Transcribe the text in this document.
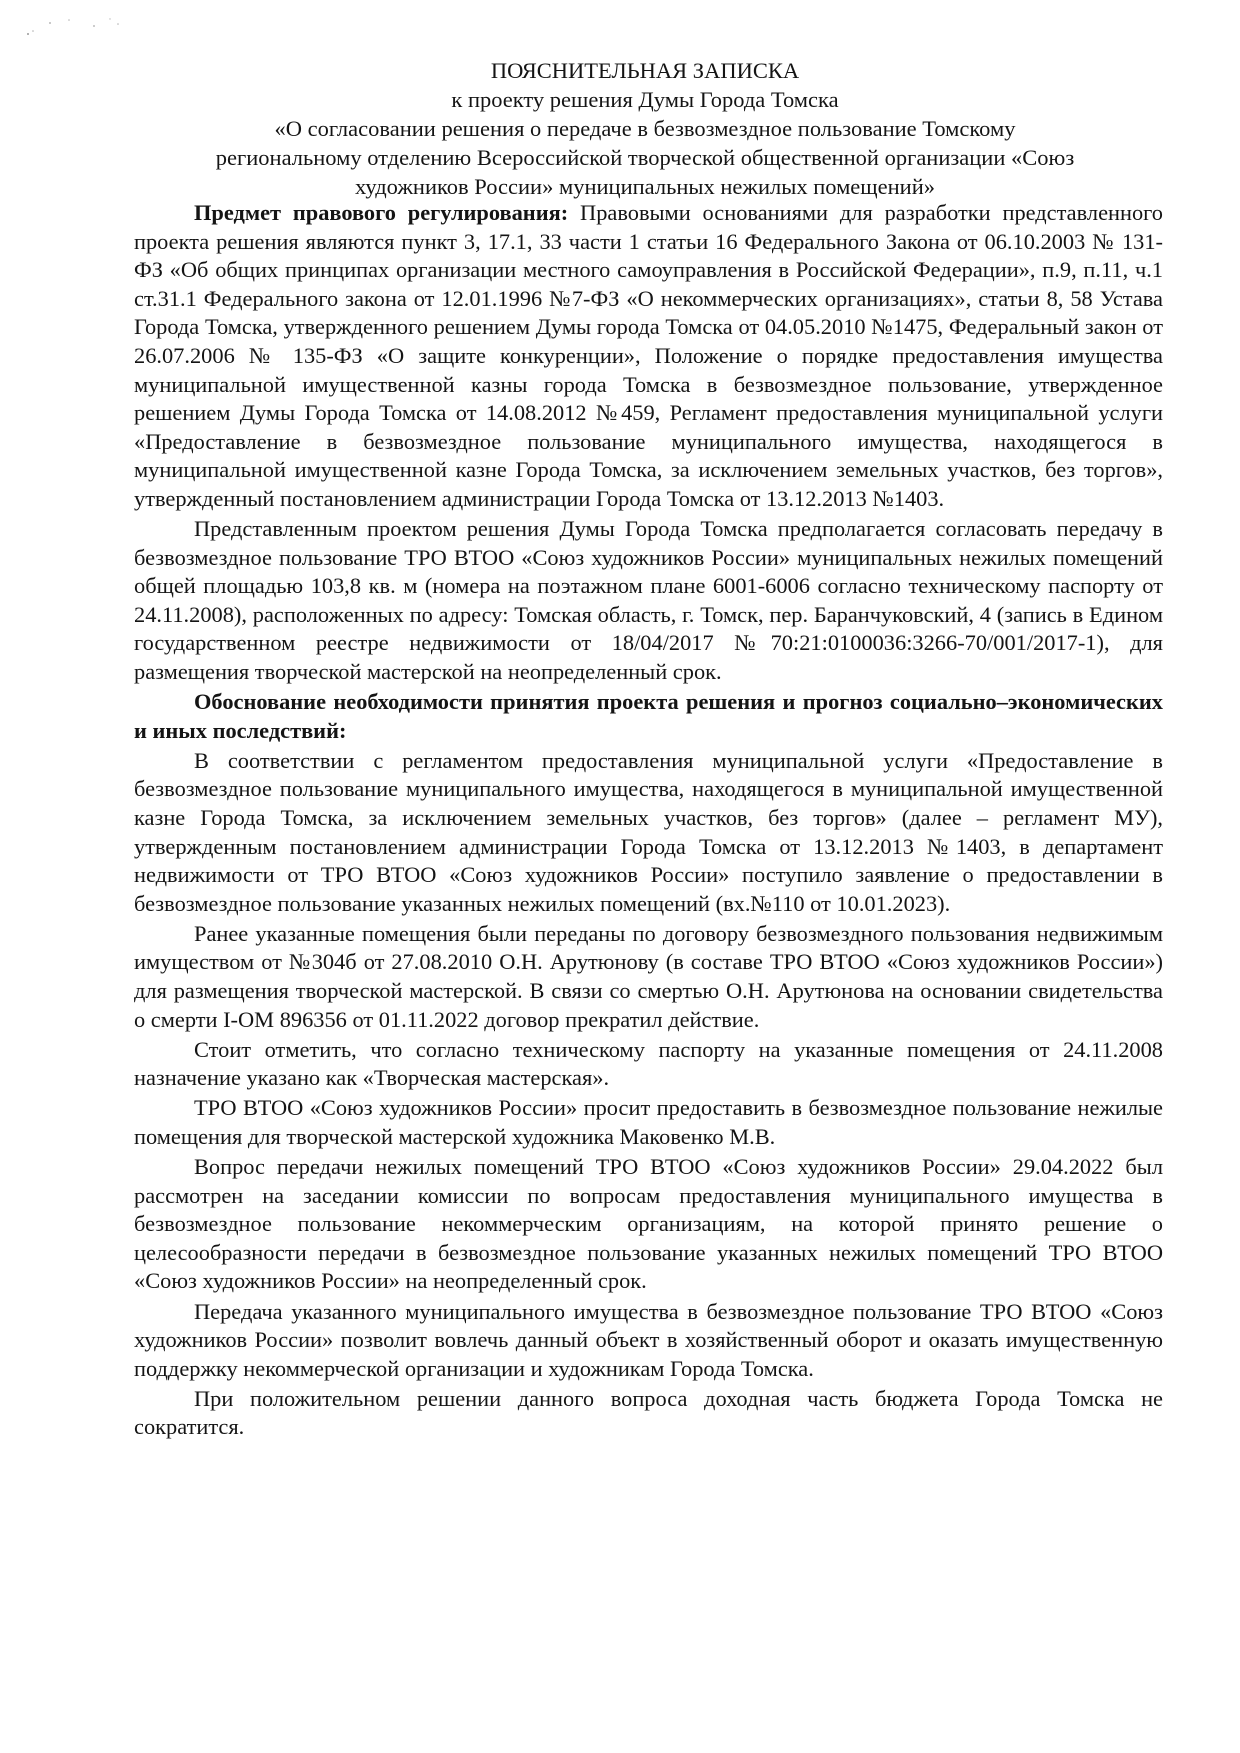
ПОЯСНИТЕЛЬНАЯ ЗАПИСКА
к проекту решения Думы Города Томска
«О согласовании решения о передаче в безвозмездное пользование Томскому
региональному отделению Всероссийской творческой общественной организации «Союз
художников России» муниципальных нежилых помещений»

Предмет правового регулирования: Правовыми основаниями для разработки представленного проекта решения являются пункт 3, 17.1, 33 части 1 статьи 16 Федерального Закона от 06.10.2003 № 131-ФЗ «Об общих принципах организации местного самоуправления в Российской Федерации», п.9, п.11, ч.1 ст.31.1 Федерального закона от 12.01.1996 №7-ФЗ «О некоммерческих организациях», статьи 8, 58 Устава Города Томска, утвержденного решением Думы города Томска от 04.05.2010 №1475, Федеральный закон от 26.07.2006 № 135-ФЗ «О защите конкуренции», Положение о порядке предоставления имущества муниципальной имущественной казны города Томска в безвозмездное пользование, утвержденное решением Думы Города Томска от 14.08.2012 №459, Регламент предоставления муниципальной услуги «Предоставление в безвозмездное пользование муниципального имущества, находящегося в муниципальной имущественной казне Города Томска, за исключением земельных участков, без торгов», утвержденный постановлением администрации Города Томска от 13.12.2013 №1403.

Представленным проектом решения Думы Города Томска предполагается согласовать передачу в безвозмездное пользование ТРО ВТОО «Союз художников России» муниципальных нежилых помещений общей площадью 103,8 кв. м (номера на поэтажном плане 6001-6006 согласно техническому паспорту от 24.11.2008), расположенных по адресу: Томская область, г. Томск, пер. Баранчуковский, 4 (запись в Едином государственном реестре недвижимости от 18/04/2017 №70:21:0100036:3266-70/001/2017-1), для размещения творческой мастерской на неопределенный срок.

Обоснование необходимости принятия проекта решения и прогноз социально–экономических и иных последствий:

В соответствии с регламентом предоставления муниципальной услуги «Предоставление в безвозмездное пользование муниципального имущества, находящегося в муниципальной имущественной казне Города Томска, за исключением земельных участков, без торгов» (далее – регламент МУ), утвержденным постановлением администрации Города Томска от 13.12.2013 №1403, в департамент недвижимости от ТРО ВТОО «Союз художников России» поступило заявление о предоставлении в безвозмездное пользование указанных нежилых помещений (вх.№110 от 10.01.2023).

Ранее указанные помещения были переданы по договору безвозмездного пользования недвижимым имуществом от №304б от 27.08.2010 О.Н. Арутюнову (в составе ТРО ВТОО «Союз художников России») для размещения творческой мастерской. В связи со смертью О.Н. Арутюнова на основании свидетельства о смерти I-ОМ 896356 от 01.11.2022 договор прекратил действие.

Стоит отметить, что согласно техническому паспорту на указанные помещения от 24.11.2008 назначение указано как «Творческая мастерская».

ТРО ВТОО «Союз художников России» просит предоставить в безвозмездное пользование нежилые помещения для творческой мастерской художника Маковенко М.В.

Вопрос передачи нежилых помещений ТРО ВТОО «Союз художников России» 29.04.2022 был рассмотрен на заседании комиссии по вопросам предоставления муниципального имущества в безвозмездное пользование некоммерческим организациям, на которой принято решение о целесообразности передачи в безвозмездное пользование указанных нежилых помещений ТРО ВТОО «Союз художников России» на неопределенный срок.

Передача указанного муниципального имущества в безвозмездное пользование ТРО ВТОО «Союз художников России» позволит вовлечь данный объект в хозяйственный оборот и оказать имущественную поддержку некоммерческой организации и художникам Города Томска.

При положительном решении данного вопроса доходная часть бюджета Города Томска не сократится.
